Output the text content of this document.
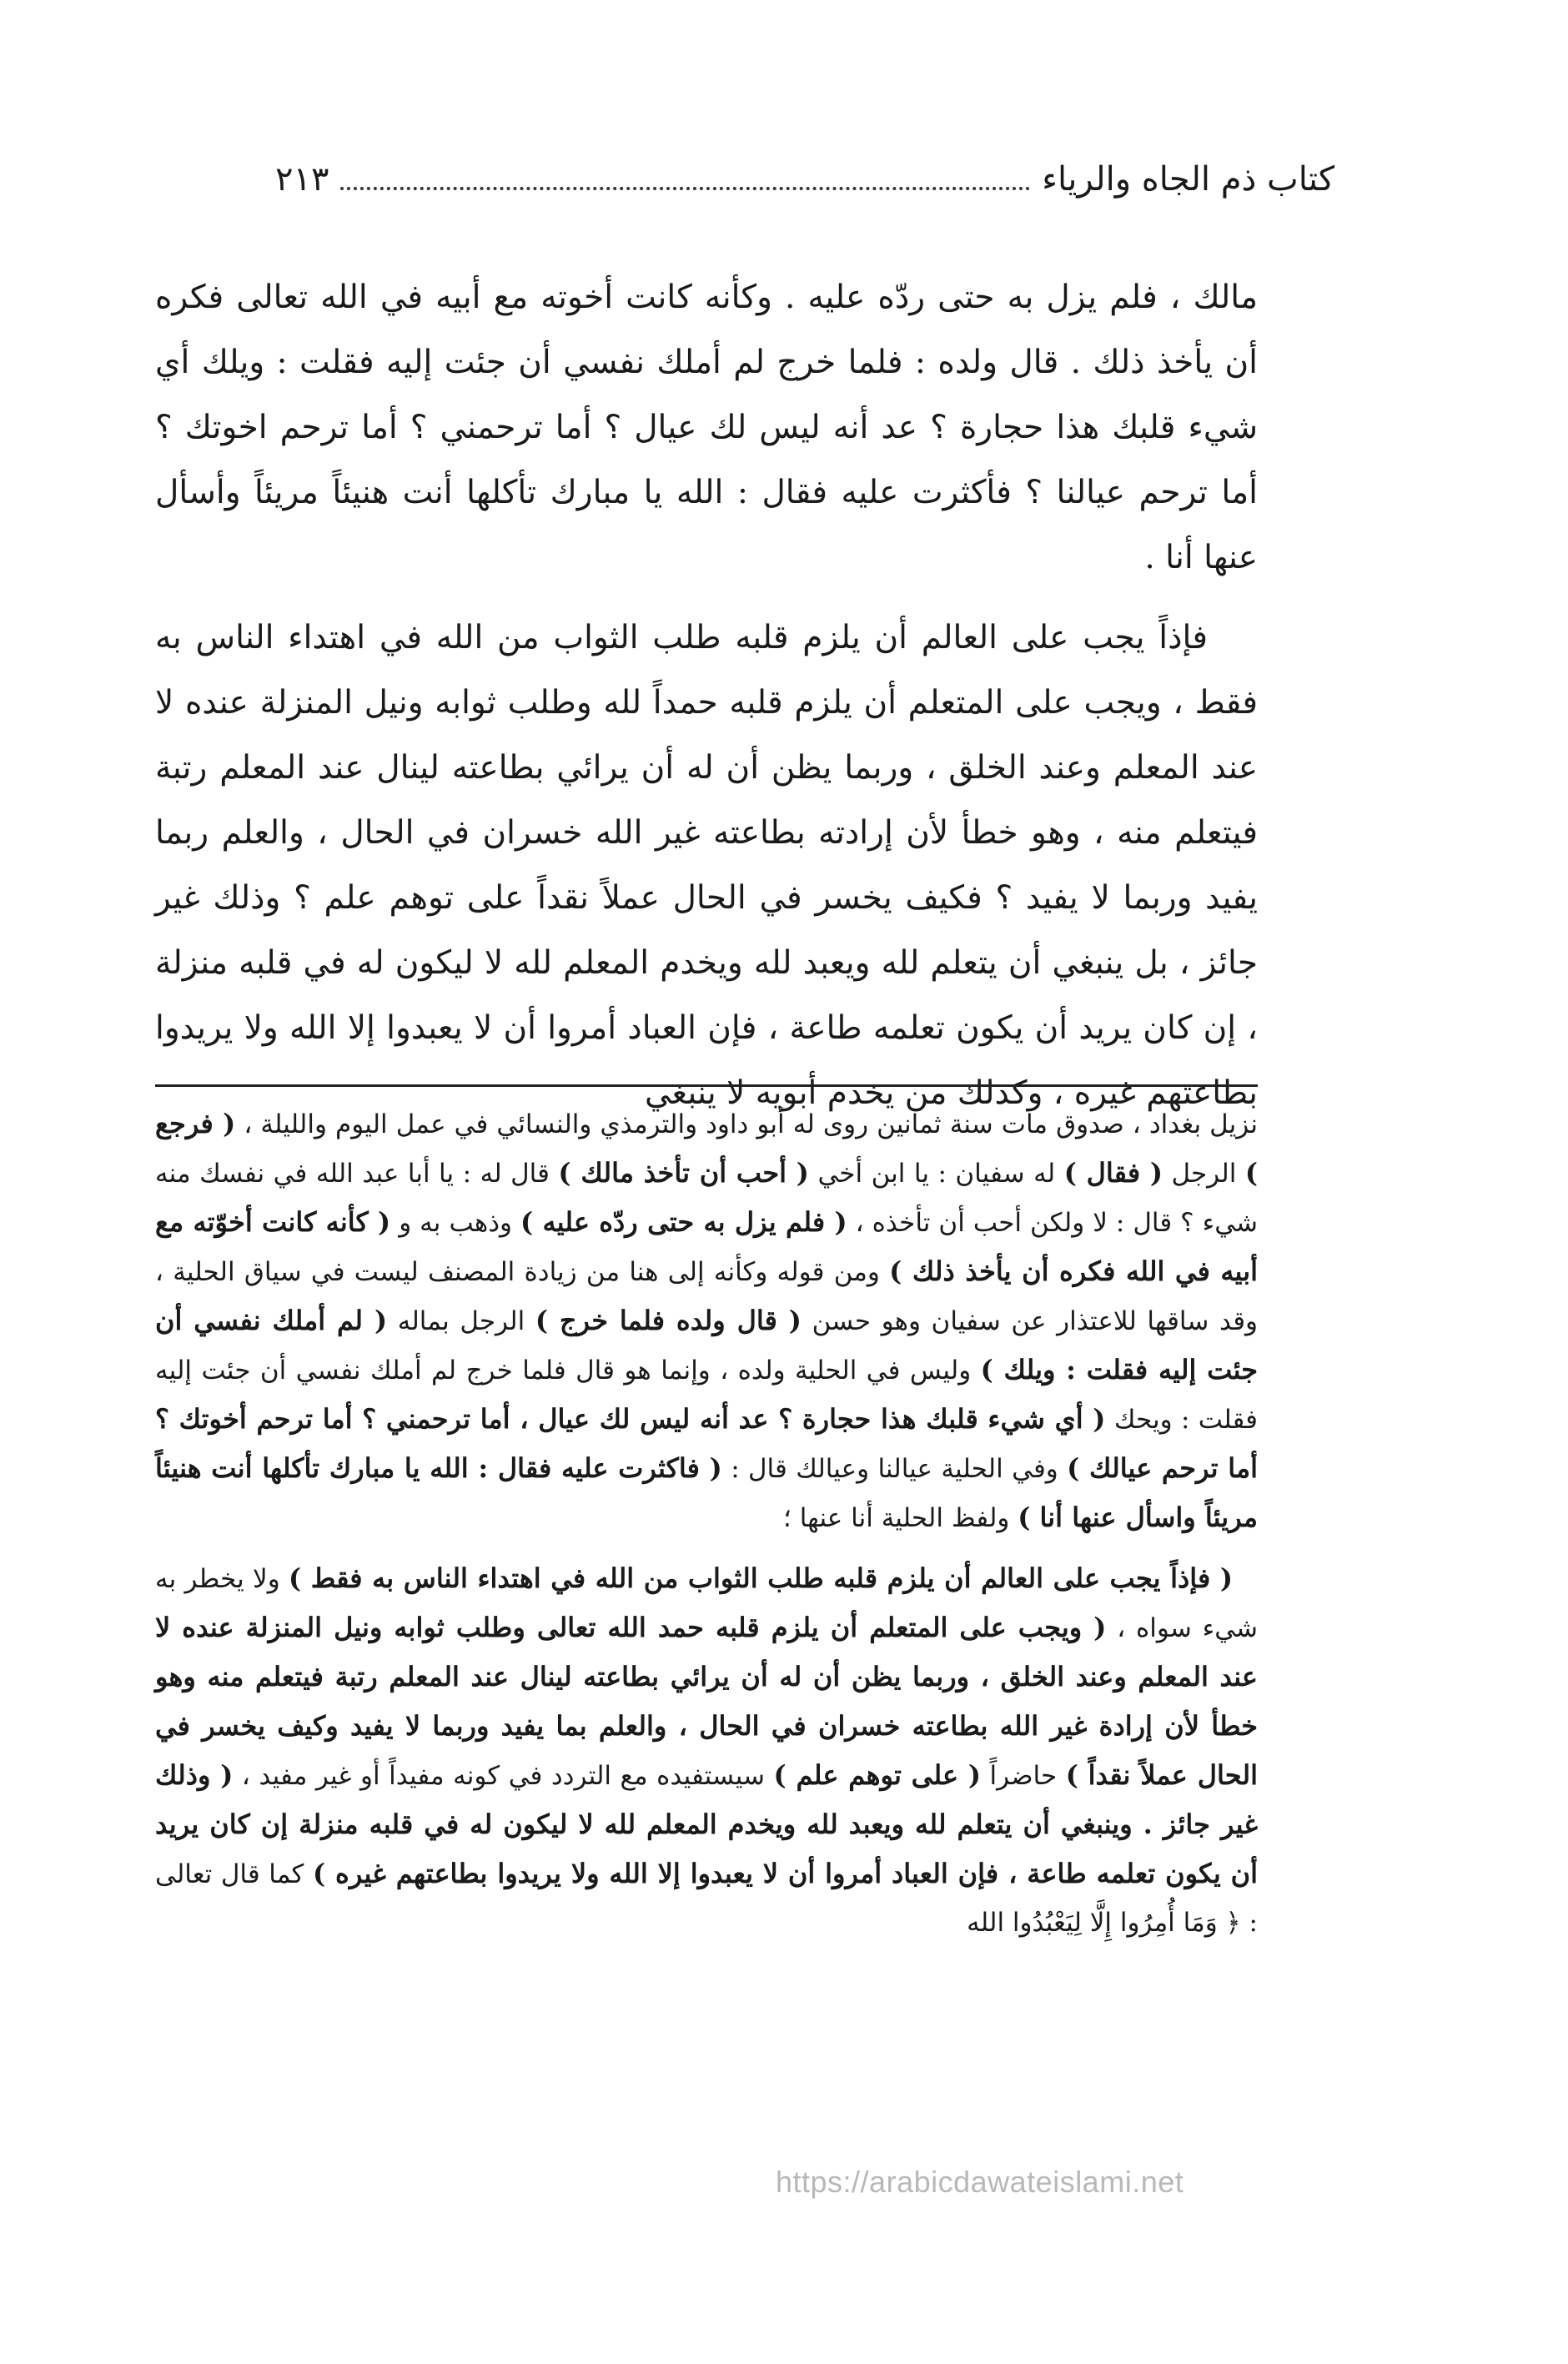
كتاب ذم الجاه والرياء
٢١٣

مالك ، فلم يزل به حتى ردّه عليه . وكأنه كانت أخوته مع أبيه في الله تعالى فكره أن يأخذ ذلك . قال ولده : فلما خرج لم أملك نفسي أن جئت إليه فقلت : ويلك أي شيء قلبك هذا حجارة ؟ عد أنه ليس لك عيال ؟ أما ترحمني ؟ أما ترحم اخوتك ؟ أما ترحم عيالنا ؟ فأكثرت عليه فقال : الله يا مبارك تأكلها أنت هنيئاً مريئاً وأسأل عنها أنا .

فإذاً يجب على العالم أن يلزم قلبه طلب الثواب من الله في اهتداء الناس به فقط ، ويجب على المتعلم أن يلزم قلبه حمداً لله وطلب ثوابه ونيل المنزلة عنده لا عند المعلم وعند الخلق ، وربما يظن أن له أن يرائي بطاعته لينال عند المعلم رتبة فيتعلم منه ، وهو خطأ لأن إرادته بطاعته غير الله خسران في الحال ، والعلم ربما يفيد وربما لا يفيد ؟ فكيف يخسر في الحال عملاً نقداً على توهم علم ؟ وذلك غير جائز ، بل ينبغي أن يتعلم لله ويعبد لله ويخدم المعلم لله لا ليكون له في قلبه منزلة ، إن كان يريد أن يكون تعلمه طاعة ، فإن العباد أمروا أن لا يعبدوا إلا الله ولا يريدوا بطاعتهم غيره ، وكذلك من يخدم أبويه لا ينبغي

نزيل بغداد ، صدوق مات سنة ثمانين روى له أبو داود والترمذي والنسائي في عمل اليوم والليلة ، ( فرجع ) الرجل ( فقال ) له سفيان : يا ابن أخي ( أحب أن تأخذ مالك ) قال له : يا أبا عبد الله في نفسك منه شيء ؟ قال : لا ولكن أحب أن تأخذه ، ( فلم يزل به حتى ردّه عليه ) وذهب به و ( كأنه كانت أخوّته مع أبيه في الله فكره أن يأخذ ذلك ) ومن قوله وكأنه إلى هنا من زيادة المصنف ليست في سياق الحلية ، وقد ساقها للاعتذار عن سفيان وهو حسن ( قال ولده فلما خرج ) الرجل بماله ( لم أملك نفسي أن جئت إليه فقلت : ويلك ) وليس في الحلية ولده ، وإنما هو قال فلما خرج لم أملك نفسي أن جئت إليه فقلت : ويحك ( أي شيء قلبك هذا حجارة ؟ عد أنه ليس لك عيال ، أما ترحمني ؟ أما ترحم أخوتك ؟ أما ترحم عيالك ) وفي الحلية عيالنا وعيالك قال : ( فاكثرت عليه فقال : الله يا مبارك تأكلها أنت هنيئاً مريئاً واسأل عنها أنا ) ولفظ الحلية أنا عنها ؛

( فإذاً يجب على العالم أن يلزم قلبه طلب الثواب من الله في اهتداء الناس به فقط ) ولا يخطر به شيء سواه ، ( ويجب على المتعلم أن يلزم قلبه حمد الله تعالى وطلب ثوابه ونيل المنزلة عنده لا عند المعلم وعند الخلق ، وربما يظن أن له أن يرائي بطاعته لينال عند المعلم رتبة فيتعلم منه وهو خطأ لأن إرادة غير الله بطاعته خسران في الحال ، والعلم بما يفيد وربما لا يفيد وكيف يخسر في الحال عملاً نقداً ) حاضراً ( على توهم علم ) سيستفيده مع التردد في كونه مفيداً أو غير مفيد ، ( وذلك غير جائز . وينبغي أن يتعلم لله ويعبد لله ويخدم المعلم لله لا ليكون له في قلبه منزلة إن كان يريد أن يكون تعلمه طاعة ، فإن العباد أمروا أن لا يعبدوا إلا الله ولا يريدوا بطاعتهم غيره ) كما قال تعالى : ﴿ وَمَا أُمِرُوا إِلَّا لِيَعْبُدُوا الله

https://arabicdawateislami.net
